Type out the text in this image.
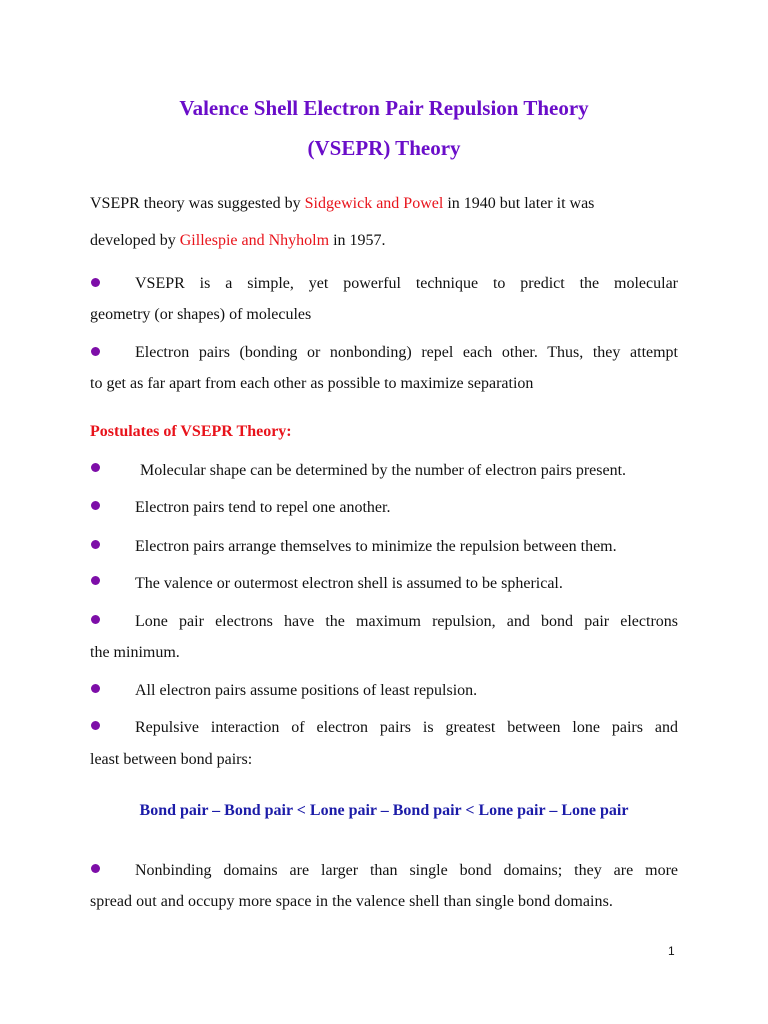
Valence Shell Electron Pair Repulsion Theory
(VSEPR) Theory
VSEPR theory was suggested by Sidgewick and Powel in 1940 but later it was
developed by Gillespie and Nhyholm in 1957.
VSEPR is a simple, yet powerful technique to predict the molecular
geometry (or shapes) of molecules
Electron pairs (bonding or nonbonding) repel each other. Thus, they attempt
to get as far apart from each other as possible to maximize separation
Postulates of VSEPR Theory:
Molecular shape can be determined by the number of electron pairs present.
Electron pairs tend to repel one another.
Electron pairs arrange themselves to minimize the repulsion between them.
The valence or outermost electron shell is assumed to be spherical.
Lone pair electrons have the maximum repulsion, and bond pair electrons
the minimum.
All electron pairs assume positions of least repulsion.
Repulsive interaction of electron pairs is greatest between lone pairs and
least between bond pairs:
Bond pair – Bond pair < Lone pair – Bond pair < Lone pair – Lone pair
Nonbinding domains are larger than single bond domains; they are more
spread out and occupy more space in the valence shell than single bond domains.
1
